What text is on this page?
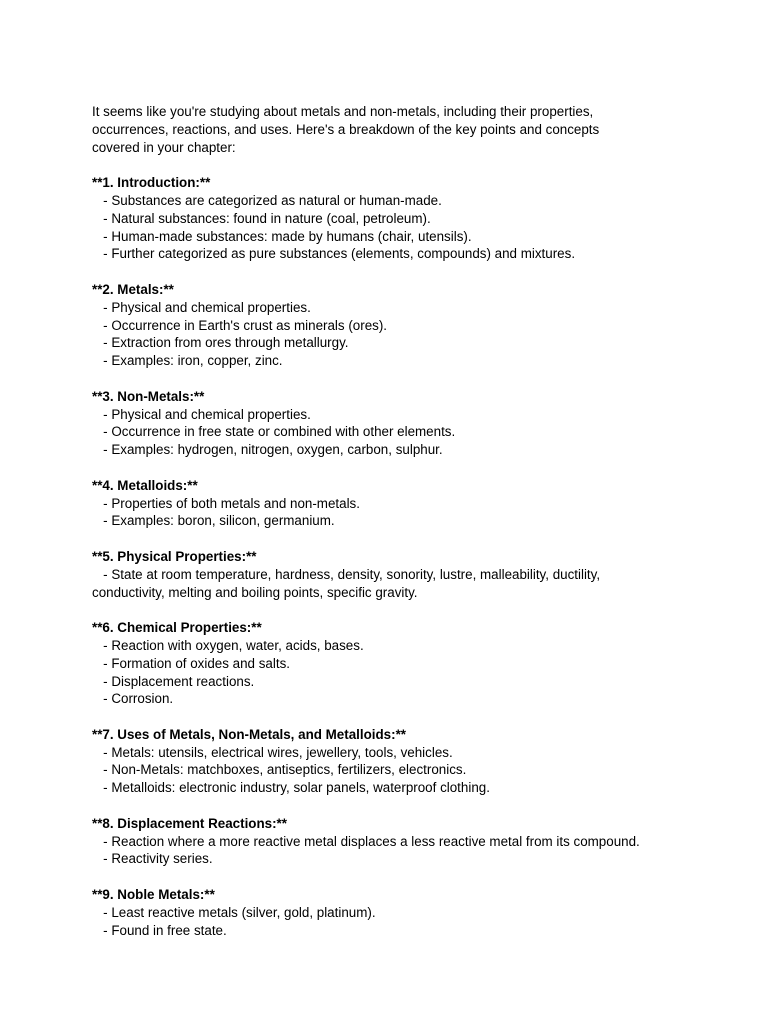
It seems like you're studying about metals and non-metals, including their properties,
occurrences, reactions, and uses. Here's a breakdown of the key points and concepts
covered in your chapter:
**1. Introduction:**
- Substances are categorized as natural or human-made.
- Natural substances: found in nature (coal, petroleum).
- Human-made substances: made by humans (chair, utensils).
- Further categorized as pure substances (elements, compounds) and mixtures.
**2. Metals:**
- Physical and chemical properties.
- Occurrence in Earth's crust as minerals (ores).
- Extraction from ores through metallurgy.
- Examples: iron, copper, zinc.
**3. Non-Metals:**
- Physical and chemical properties.
- Occurrence in free state or combined with other elements.
- Examples: hydrogen, nitrogen, oxygen, carbon, sulphur.
**4. Metalloids:**
- Properties of both metals and non-metals.
- Examples: boron, silicon, germanium.
**5. Physical Properties:**
- State at room temperature, hardness, density, sonority, lustre, malleability, ductility,
conductivity, melting and boiling points, specific gravity.
**6. Chemical Properties:**
- Reaction with oxygen, water, acids, bases.
- Formation of oxides and salts.
- Displacement reactions.
- Corrosion.
**7. Uses of Metals, Non-Metals, and Metalloids:**
- Metals: utensils, electrical wires, jewellery, tools, vehicles.
- Non-Metals: matchboxes, antiseptics, fertilizers, electronics.
- Metalloids: electronic industry, solar panels, waterproof clothing.
**8. Displacement Reactions:**
- Reaction where a more reactive metal displaces a less reactive metal from its compound.
- Reactivity series.
**9. Noble Metals:**
- Least reactive metals (silver, gold, platinum).
- Found in free state.
